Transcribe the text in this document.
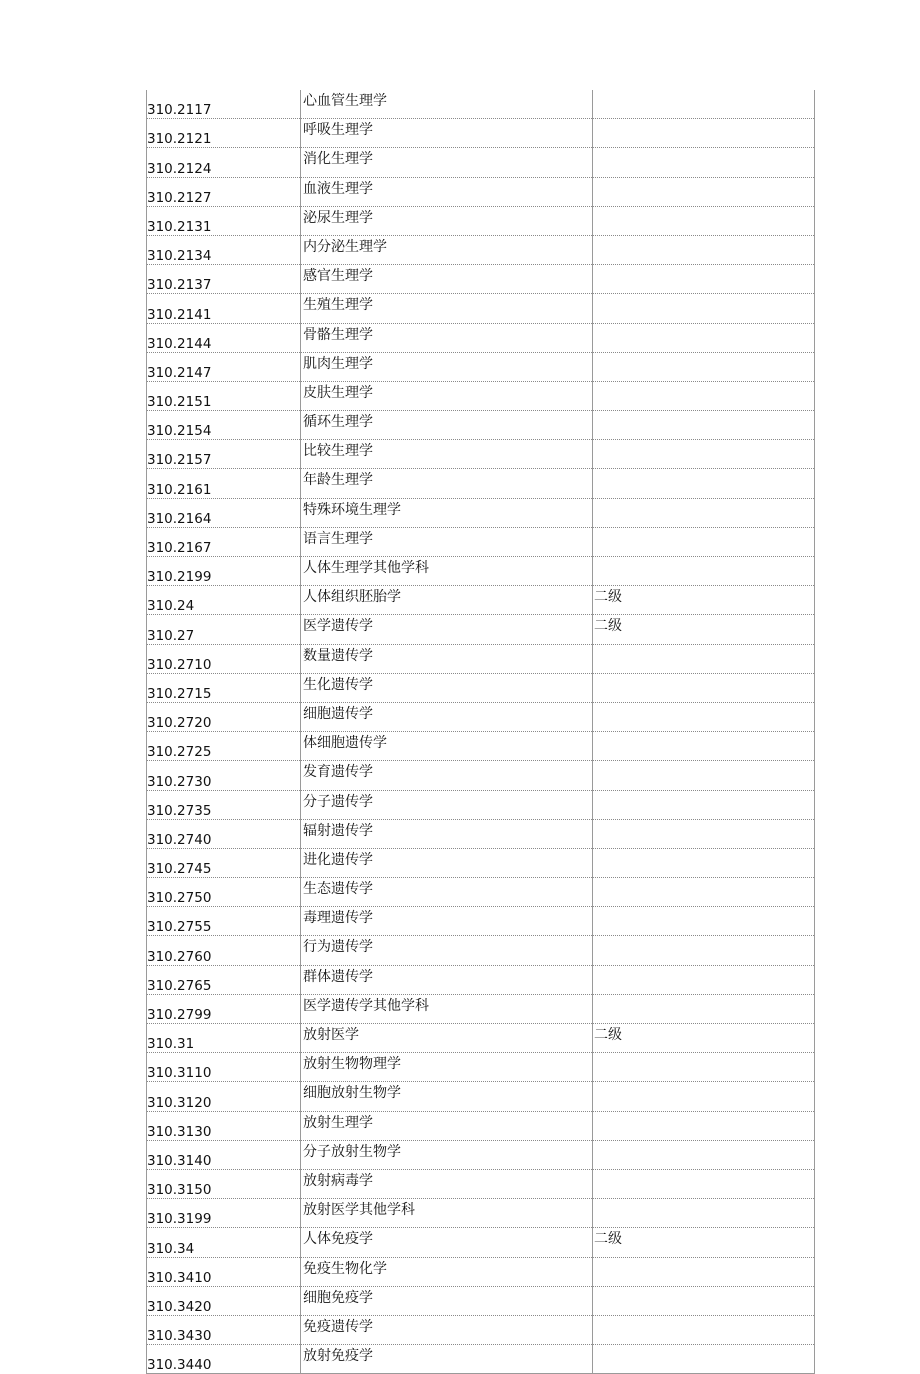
310.2117	心血管生理学	
310.2121	呼吸生理学	
310.2124	消化生理学	
310.2127	血液生理学	
310.2131	泌尿生理学	
310.2134	内分泌生理学	
310.2137	感官生理学	
310.2141	生殖生理学	
310.2144	骨骼生理学	
310.2147	肌肉生理学	
310.2151	皮肤生理学	
310.2154	循环生理学	
310.2157	比较生理学	
310.2161	年龄生理学	
310.2164	特殊环境生理学	
310.2167	语言生理学	
310.2199	人体生理学其他学科	
310.24	人体组织胚胎学	二级
310.27	医学遗传学	二级
310.2710	数量遗传学	
310.2715	生化遗传学	
310.2720	细胞遗传学	
310.2725	体细胞遗传学	
310.2730	发育遗传学	
310.2735	分子遗传学	
310.2740	辐射遗传学	
310.2745	进化遗传学	
310.2750	生态遗传学	
310.2755	毒理遗传学	
310.2760	行为遗传学	
310.2765	群体遗传学	
310.2799	医学遗传学其他学科	
310.31	放射医学	二级
310.3110	放射生物物理学	
310.3120	细胞放射生物学	
310.3130	放射生理学	
310.3140	分子放射生物学	
310.3150	放射病毒学	
310.3199	放射医学其他学科	
310.34	人体免疫学	二级
310.3410	免疫生物化学	
310.3420	细胞免疫学	
310.3430	免疫遗传学	
310.3440	放射免疫学	
